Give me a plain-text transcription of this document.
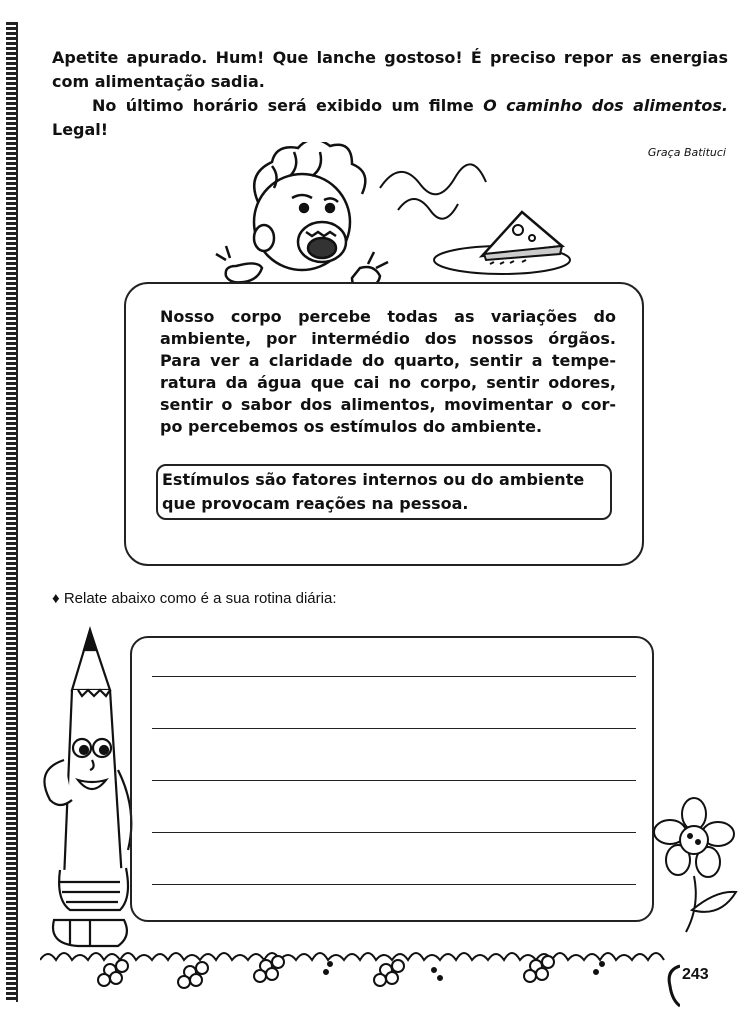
Apetite apurado. Hum! Que lanche gostoso! É preciso repor as energias

com alimentação sadia.

No último horário será exibido um filme O caminho dos alimentos.

Legal!

Graça Batituci
Nosso corpo percebe todas as variações do
ambiente, por intermédio dos nossos órgãos.
Para ver a claridade do quarto, sentir a tempe-
ratura da água que cai no corpo, sentir odores,
sentir o sabor dos alimentos, movimentar o cor-
po percebemos os estímulos do ambiente.
Estímulos são fatores internos ou do ambiente
que provocam reações na pessoa.
♦ Relate abaixo como é a sua rotina diária:
243
